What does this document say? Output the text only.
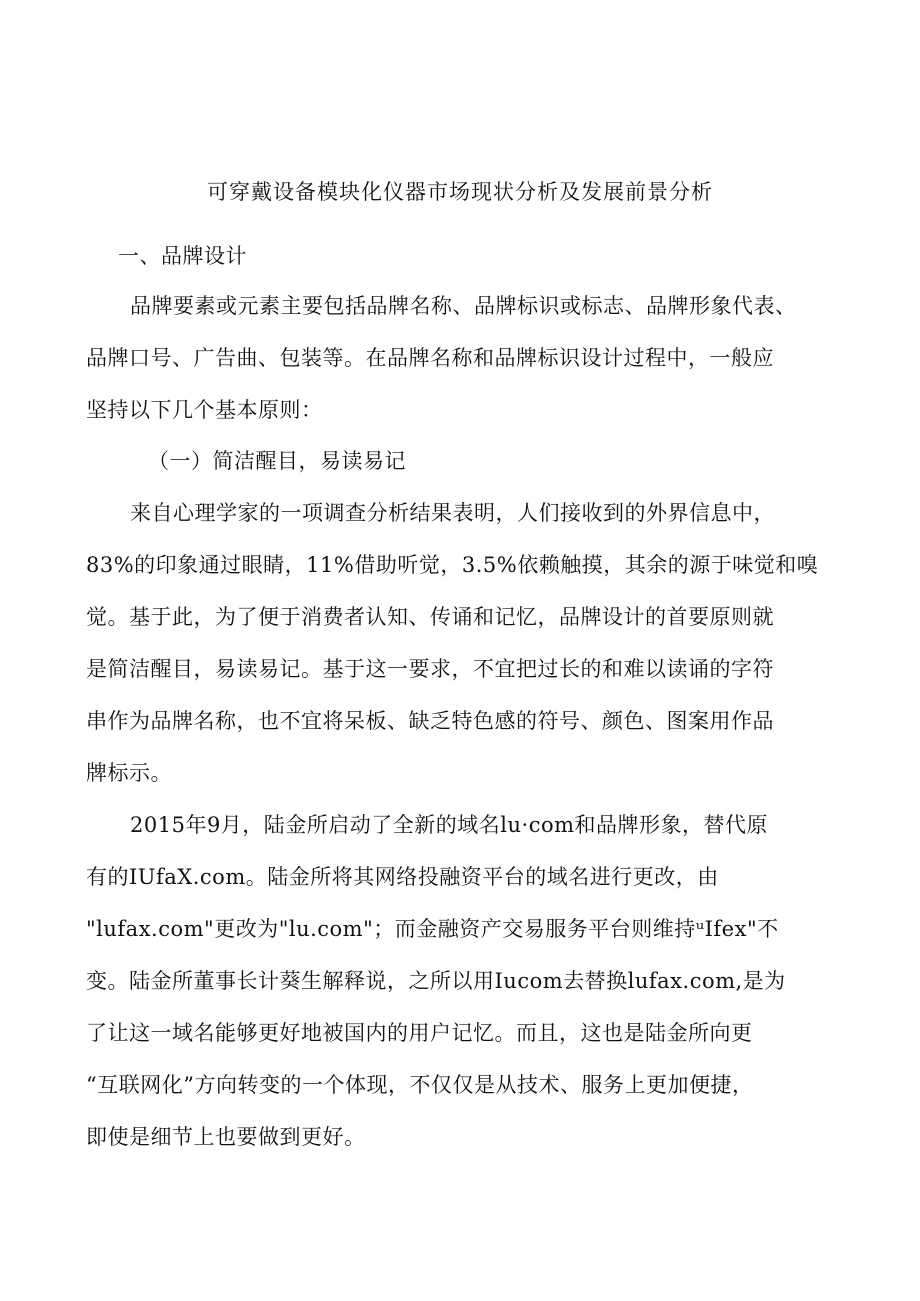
可穿戴设备模块化仪器市场现状分析及发展前景分析
一、品牌设计
品牌要素或元素主要包括品牌名称、品牌标识或标志、品牌形象代表、
品牌口号、广告曲、包装等。在品牌名称和品牌标识设计过程中，一般应
坚持以下几个基本原则：
（一）简洁醒目，易读易记
来自心理学家的一项调查分析结果表明，人们接收到的外界信息中，
83%的印象通过眼睛，11%借助听觉，3.5%依赖触摸，其余的源于味觉和嗅
觉。基于此，为了便于消费者认知、传诵和记忆，品牌设计的首要原则就
是简洁醒目，易读易记。基于这一要求，不宜把过长的和难以读诵的字符
串作为品牌名称，也不宜将呆板、缺乏特色感的符号、颜色、图案用作品
牌标示。
2015年9月，陆金所启动了全新的域名lu·com和品牌形象，替代原
有的IUfaX.com。陆金所将其网络投融资平台的域名进行更改，由
"lufax.com"更改为"lu.com"；而金融资产交易服务平台则维持ᵘIfex"不
变。陆金所董事长计葵生解释说，之所以用Iucom去替换lufax.com,是为
了让这一域名能够更好地被国内的用户记忆。而且，这也是陆金所向更
“互联网化”方向转变的一个体现，不仅仅是从技术、服务上更加便捷，
即使是细节上也要做到更好。
